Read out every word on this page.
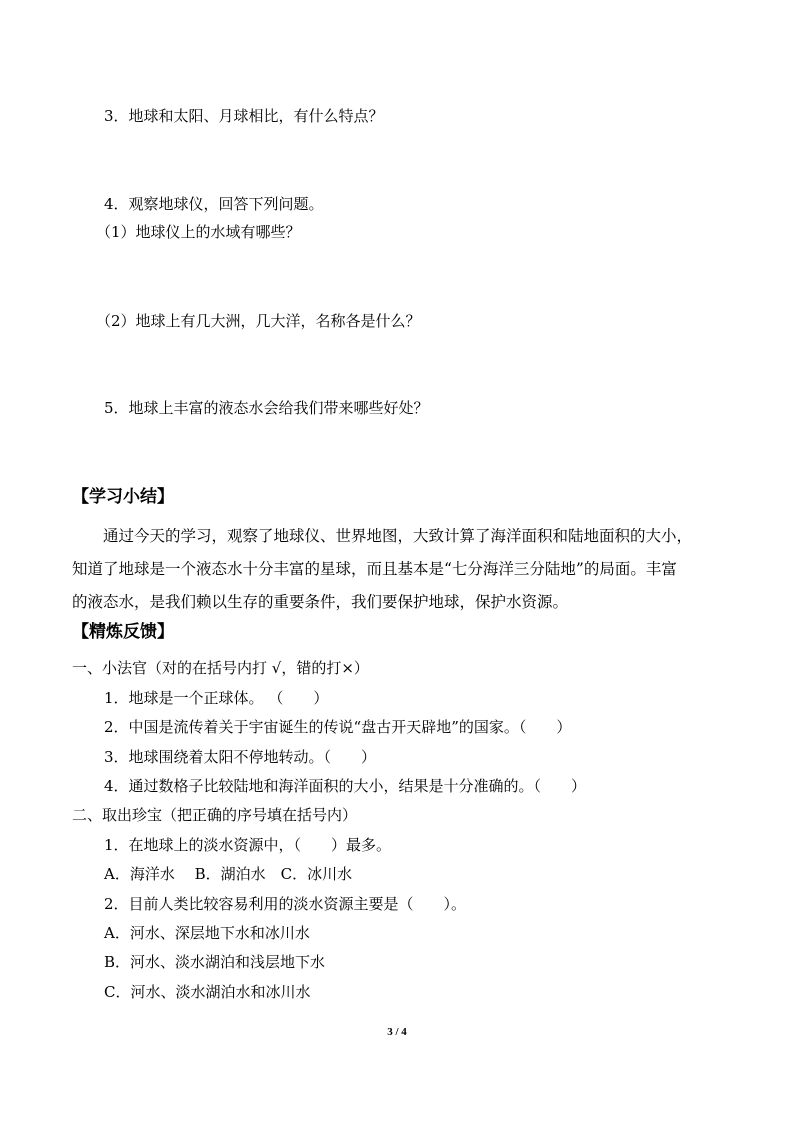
3．地球和太阳、月球相比，有什么特点？
4．观察地球仪，回答下列问题。
（1）地球仪上的水域有哪些？
（2）地球上有几大洲，几大洋，名称各是什么？
5．地球上丰富的液态水会给我们带来哪些好处？
【学习小结】
通过今天的学习，观察了地球仪、世界地图，大致计算了海洋面积和陆地面积的大小，
知道了地球是一个液态水十分丰富的星球，而且基本是“七分海洋三分陆地”的局面。丰富
的液态水，是我们赖以生存的重要条件，我们要保护地球，保护水资源。
【精炼反馈】
一、小法官（对的在括号内打 √，错的打×）
1．地球是一个正球体。 （　　）
2．中国是流传着关于宇宙诞生的传说“盘古开天辟地”的国家。（　　）
3．地球围绕着太阳不停地转动。（　　）
4．通过数格子比较陆地和海洋面积的大小，结果是十分准确的。（　　）
二、取出珍宝（把正确的序号填在括号内）
1．在地球上的淡水资源中，（　　）最多。
A．海洋水　 B．湖泊水　C．冰川水
2．目前人类比较容易利用的淡水资源主要是（　　）。
A．河水、深层地下水和冰川水
B．河水、淡水湖泊和浅层地下水
C．河水、淡水湖泊水和冰川水
3 / 4
